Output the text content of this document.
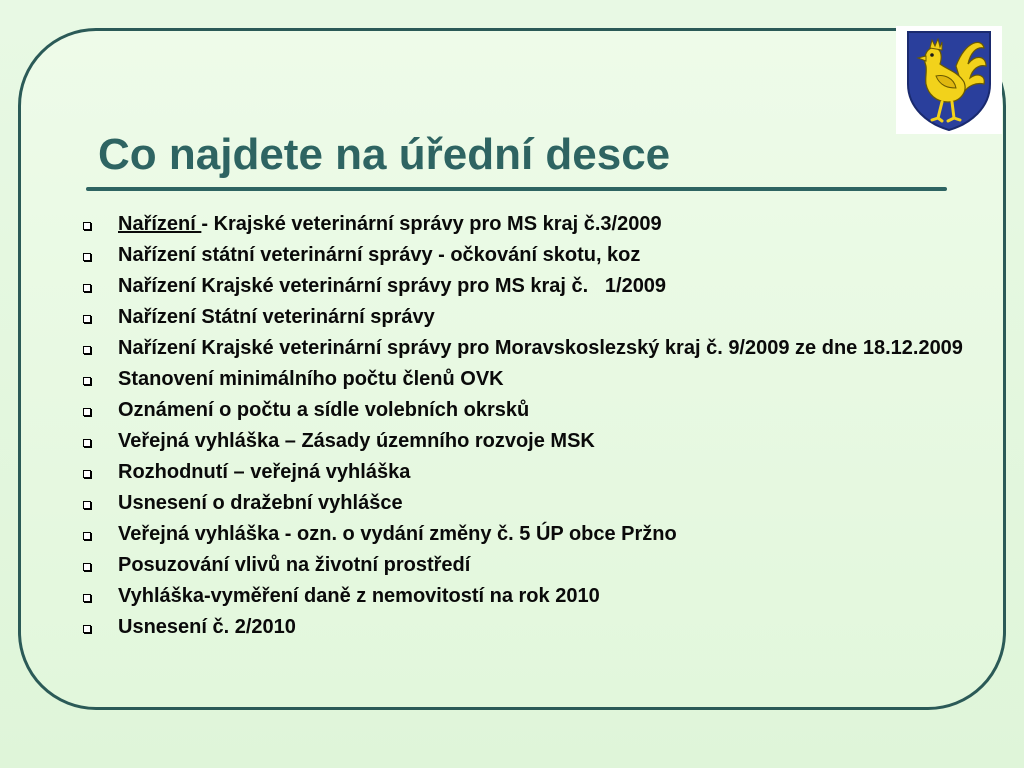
Co najdete na úřední desce
Nařízení - Krajské veterinární správy pro MS kraj č.3/2009
Nařízení státní veterinární správy - očkování skotu, koz
Nařízení Krajské veterinární správy pro MS kraj č.   1/2009
Nařízení Státní veterinární správy
Nařízení Krajské veterinární správy pro Moravskoslezský kraj č. 9/2009 ze dne 18.12.2009
Stanovení minimálního počtu členů OVK
Oznámení o počtu a sídle volebních okrsků
Veřejná vyhláška – Zásady územního rozvoje MSK
Rozhodnutí – veřejná vyhláška
Usnesení o dražební vyhlášce
Veřejná vyhláška - ozn. o vydání změny č. 5 ÚP obce Pržno
Posuzování vlivů na životní prostředí
Vyhláška-vyměření daně z nemovitostí na rok 2010
Usnesení č. 2/2010
